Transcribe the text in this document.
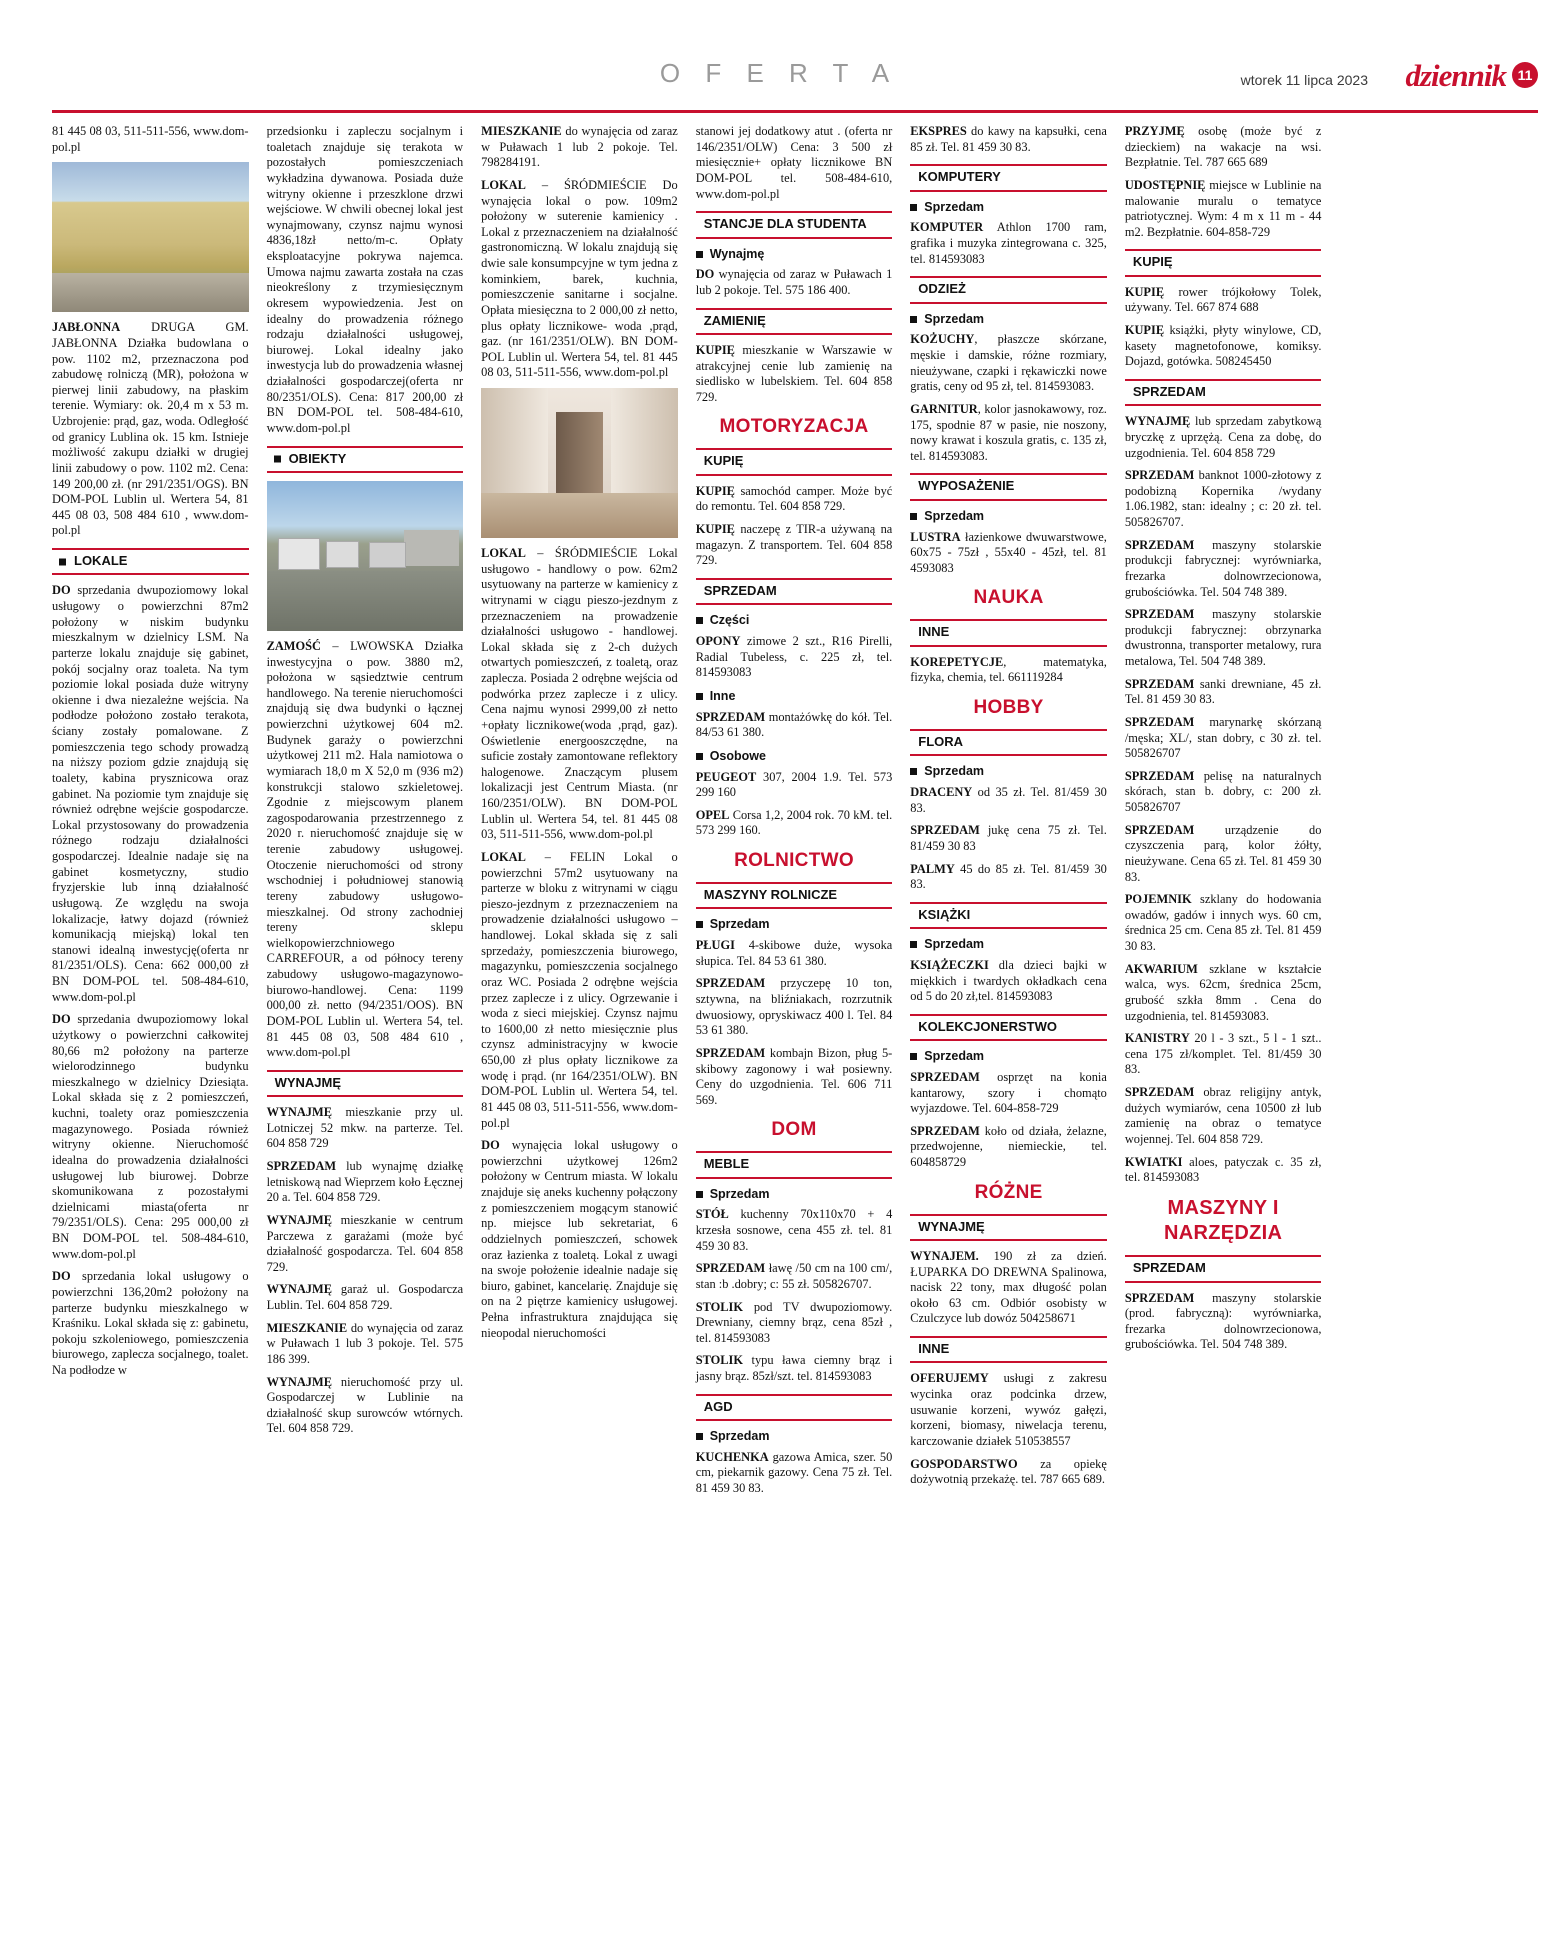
O F E R T A	wtorek 11 lipca 2023 dziennik 11

81 445 08 03, 511-511-556, www.dom-pol.pl

JABŁONNA DRUGA GM. JABŁONNA Działka budowlana o pow. 1102 m2, przeznaczona pod zabudowę rolniczą (MR), położona w pierwej linii zabudowy, na płaskim terenie. Wymiary: ok. 20,4 m x 53 m. Uzbrojenie: prąd, gaz, woda. Odległość od granicy Lublina ok. 15 km. Istnieje możliwość zakupu działki w drugiej linii zabudowy o pow. 1102 m2. Cena: 149 200,00 zł. (nr 291/2351/OGS). BN DOM-POL Lublin ul. Wertera 54, 81 445 08 03, 508 484 610 , www.dom-pol.pl

LOKALE

DO sprzedania dwupoziomowy lokal usługowy o powierzchni 87m2 położony w niskim budynku mieszkalnym w dzielnicy LSM. Na parterze lokalu znajduje się gabinet, pokój socjalny oraz toaleta. Na tym poziomie lokal posiada duże witryny okienne i dwa niezależne wejścia. Na podłodze położono zostało terakota, ściany zostały pomalowane. Z pomieszczenia tego schody prowadzą na niższy poziom gdzie znajdują się toalety, kabina prysznicowa oraz gabinet. Na poziomie tym znajduje się również odrębne wejście gospodarcze. Lokal przystosowany do prowadzenia różnego rodzaju działalności gospodarczej. Idealnie nadaje się na gabinet kosmetyczny, studio fryzjerskie lub inną działalność usługową. Ze względu na swoja lokalizacje, łatwy dojazd (również komunikacją miejską) lokal ten stanowi idealną inwestycję(oferta nr 81/2351/OLS). Cena: 662 000,00 zł BN DOM-POL tel. 508-484-610, www.dom-pol.pl

DO sprzedania dwupoziomowy lokal użytkowy o powierzchni całkowitej 80,66 m2 położony na parterze wielorodzinnego budynku mieszkalnego w dzielnicy Dziesiąta. Lokal składa się z 2 pomieszczeń, kuchni, toalety oraz pomieszczenia magazynowego. Posiada również witryny okienne. Nieruchomość idealna do prowadzenia działalności usługowej lub biurowej. Dobrze skomunikowana z pozostałymi dzielnicami miasta(oferta nr 79/2351/OLS). Cena: 295 000,00 zł BN DOM-POL tel. 508-484-610, www.dom-pol.pl

DO sprzedania lokal usługowy o powierzchni 136,20m2 położony na parterze budynku mieszkalnego w Kraśniku. Lokal składa się z: gabinetu, pokoju szkoleniowego, pomieszczenia biurowego, zaplecza socjalnego, toalet. Na podłodze w

przedsionku i zapleczu socjalnym i toaletach znajduje się terakota w pozostałych pomieszczeniach wykładzina dywanowa. Posiada duże witryny okienne i przeszklone drzwi wejściowe. W chwili obecnej lokal jest wynajmowany, czynsz najmu wynosi 4836,18zł netto/m-c. Opłaty eksploatacyjne pokrywa najemca. Umowa najmu zawarta została na czas nieokreślony z trzymiesięcznym okresem wypowiedzenia. Jest on idealny do prowadzenia różnego rodzaju działalności usługowej, biurowej. Lokal idealny jako inwestycja lub do prowadzenia własnej działalności gospodarczej(oferta nr 80/2351/OLS). Cena: 817 200,00 zł BN DOM-POL tel. 508-484-610, www.dom-pol.pl

OBIEKTY

ZAMOŚĆ – LWOWSKA Działka inwestycyjna o pow. 3880 m2, położona w sąsiedztwie centrum handlowego. Na terenie nieruchomości znajdują się dwa budynki o łącznej powierzchni użytkowej 604 m2. Budynek garaży o powierzchni użytkowej 211 m2. Hala namiotowa o wymiarach 18,0 m X 52,0 m (936 m2) konstrukcji stalowo szkieletowej. Zgodnie z miejscowym planem zagospodarowania przestrzennego z 2020 r. nieruchomość znajduje się w terenie zabudowy usługowej. Otoczenie nieruchomości od strony wschodniej i południowej stanowią tereny zabudowy usługowo-mieszkalnej. Od strony zachodniej tereny sklepu wielkopowierzchniowego CARREFOUR, a od północy tereny zabudowy usługowo-magazynowo-biurowo-handlowej. Cena: 1199 000,00 zł. netto (94/2351/OOS). BN DOM-POL Lublin ul. Wertera 54, tel. 81 445 08 03, 508 484 610 , www.dom-pol.pl

WYNAJMĘ

WYNAJMĘ mieszkanie przy ul. Lotniczej 52 mkw. na parterze. Tel. 604 858 729

SPRZEDAM lub wynajmę działkę letniskową nad Wieprzem koło Łęcznej 20 a. Tel. 604 858 729.

WYNAJMĘ mieszkanie w centrum Parczewa z garażami (może być działalność gospodarcza. Tel. 604 858 729.

WYNAJMĘ garaż ul. Gospodarcza Lublin. Tel. 604 858 729.

MIESZKANIE do wynajęcia od zaraz w Puławach 1 lub 3 pokoje. Tel. 575 186 399.

WYNAJMĘ nieruchomość przy ul. Gospodarczej w Lublinie na działalność skup surowców wtórnych. Tel. 604 858 729.

MIESZKANIE do wynajęcia od zaraz w Puławach 1 lub 2 pokoje. Tel. 798284191.

LOKAL – ŚRÓDMIEŚCIE Do wynajęcia lokal o pow. 109m2 położony w suterenie kamienicy . Lokal z przeznaczeniem na działalność gastronomiczną. W lokalu znajdują się dwie sale konsumpcyjne w tym jedna z kominkiem, barek, kuchnia, pomieszczenie sanitarne i socjalne. Opłata miesięczna to 2 000,00 zł netto, plus opłaty licznikowe- woda ,prąd, gaz. (nr 161/2351/OLW). BN DOM-POL Lublin ul. Wertera 54, tel. 81 445 08 03, 511-511-556, www.dom-pol.pl

LOKAL – ŚRÓDMIEŚCIE Lokal usługowo - handlowy o pow. 62m2 usytuowany na parterze w kamienicy z witrynami w ciągu pieszo-jezdnym z przeznaczeniem na prowadzenie działalności usługowo - handlowej. Lokal składa się z 2-ch dużych otwartych pomieszczeń, z toaletą, oraz zaplecza. Posiada 2 odrębne wejścia od podwórka przez zaplecze i z ulicy. Cena najmu wynosi 2999,00 zł netto +opłaty licznikowe(woda ,prąd, gaz). Oświetlenie energooszczędne, na suficie zostały zamontowane reflektory halogenowe. Znaczącym plusem lokalizacji jest Centrum Miasta. (nr 160/2351/OLW). BN DOM-POL Lublin ul. Wertera 54, tel. 81 445 08 03, 511-511-556, www.dom-pol.pl

LOKAL – FELIN Lokal o powierzchni 57m2 usytuowany na parterze w bloku z witrynami w ciągu pieszo-jezdnym z przeznaczeniem na prowadzenie działalności usługowo – handlowej. Lokal składa się z sali sprzedaży, pomieszczenia biurowego, magazynku, pomieszczenia socjalnego oraz WC. Posiada 2 odrębne wejścia przez zaplecze i z ulicy. Ogrzewanie i woda z sieci miejskiej. Czynsz najmu to 1600,00 zł netto miesięcznie plus czynsz administracyjny w kwocie 650,00 zł plus opłaty licznikowe za wodę i prąd. (nr 164/2351/OLW). BN DOM-POL Lublin ul. Wertera 54, tel. 81 445 08 03, 511-511-556, www.dom-pol.pl

DO wynajęcia lokal usługowy o powierzchni użytkowej 126m2 położony w Centrum miasta. W lokalu znajduje się aneks kuchenny połączony z pomieszczeniem mogącym stanowić np. miejsce lub sekretariat, 6 oddzielnych pomieszczeń, schowek oraz łazienka z toaletą. Lokal z uwagi na swoje położenie idealnie nadaje się biuro, gabinet, kancelarię. Znajduje się on na 2 piętrze kamienicy usługowej. Pełna infrastruktura znajdująca się nieopodal nieruchomości

stanowi jej dodatkowy atut . (oferta nr 146/2351/OLW) Cena: 3 500 zł miesięcznie+ opłaty licznikowe BN DOM-POL tel. 508-484-610, www.dom-pol.pl

STANCJE DLA STUDENTA
Wynajmę

DO wynajęcia od zaraz w Puławach 1 lub 2 pokoje. Tel. 575 186 400.

ZAMIENIĘ

KUPIĘ mieszkanie w Warszawie w atrakcyjnej cenie lub zamienię na siedlisko w lubelskiem. Tel. 604 858 729.

MOTORYZACJA
KUPIĘ

KUPIĘ samochód camper. Może być do remontu. Tel. 604 858 729.

KUPIĘ naczepę z TIR-a używaną na magazyn. Z transportem. Tel. 604 858 729.

SPRZEDAM
Części

OPONY zimowe 2 szt., R16 Pirelli, Radial Tubeless, c. 225 zł, tel. 814593083

Inne

SPRZEDAM montażówkę do kół. Tel. 84/53 61 380.

Osobowe

PEUGEOT 307, 2004 1.9. Tel. 573 299 160

OPEL Corsa 1,2, 2004 rok. 70 kM. tel. 573 299 160.

ROLNICTWO
MASZYNY ROLNICZE
Sprzedam

PŁUGI 4-skibowe duże, wysoka słupica. Tel. 84 53 61 380.

SPRZEDAM przyczepę 10 ton, sztywna, na bliźniakach, rozrzutnik dwuosiowy, opryskiwacz 400 l. Tel. 84 53 61 380.

SPRZEDAM kombajn Bizon, pług 5-skibowy zagonowy i wał posiewny. Ceny do uzgodnienia. Tel. 606 711 569.

DOM
MEBLE
Sprzedam

STÓŁ kuchenny 70x110x70 + 4 krzesła sosnowe, cena 455 zł. tel. 81 459 30 83.

SPRZEDAM ławę /50 cm na 100 cm/, stan :b .dobry; c: 55 zł. 505826707.

STOLIK pod TV dwupoziomowy. Drewniany, ciemny brąz, cena 85zł , tel. 814593083

STOLIK typu ława ciemny brąz i jasny brąz. 85zł/szt. tel. 814593083

AGD
Sprzedam

KUCHENKA gazowa Amica, szer. 50 cm, piekarnik gazowy. Cena 75 zł. Tel. 81 459 30 83.

EKSPRES do kawy na kapsułki, cena 85 zł. Tel. 81 459 30 83.

KOMPUTERY
Sprzedam

KOMPUTER Athlon 1700 ram, grafika i muzyka zintegrowana c. 325, tel. 814593083

ODZIEŻ
Sprzedam

KOŻUCHY, płaszcze skórzane, męskie i damskie, różne rozmiary, nieużywane, czapki i rękawiczki nowe gratis, ceny od 95 zł, tel. 814593083.

GARNITUR, kolor jasnokawowy, roz. 175, spodnie 87 w pasie, nie noszony, nowy krawat i koszula gratis, c. 135 zł, tel. 814593083.

WYPOSAŻENIE
Sprzedam

LUSTRA łazienkowe dwuwarstwowe, 60x75 - 75zł , 55x40 - 45zł, tel. 81 4593083

NAUKA
INNE

KOREPETYCJE, matematyka, fizyka, chemia, tel. 661119284

HOBBY
FLORA
Sprzedam

DRACENY od 35 zł. Tel. 81/459 30 83.

SPRZEDAM jukę cena 75 zł. Tel. 81/459 30 83

PALMY 45 do 85 zł. Tel. 81/459 30 83.

KSIĄŻKI
Sprzedam

KSIĄŻECZKI dla dzieci bajki w miękkich i twardych okładkach cena od 5 do 20 zł,tel. 814593083

KOLEKCJONERSTWO
Sprzedam

SPRZEDAM osprzęt na konia kantarowy, szory i chomąto wyjazdowe. Tel. 604-858-729

SPRZEDAM koło od działa, żelazne, przedwojenne, niemieckie, tel. 604858729

RÓŻNE
WYNAJMĘ

WYNAJEM. 190 zł za dzień. ŁUPARKA DO DREWNA Spalinowa, nacisk 22 tony, max długość polan około 63 cm. Odbiór osobisty w Czulczyce lub dowóz 504258671

INNE

OFERUJEMY usługi z zakresu wycinka oraz podcinka drzew, usuwanie korzeni, wywóz gałęzi, korzeni, biomasy, niwelacja terenu, karczowanie działek 510538557

GOSPODARSTWO za opiekę dożywotnią przekażę. tel. 787 665 689.

PRZYJMĘ osobę (może być z dzieckiem) na wakacje na wsi. Bezpłatnie. Tel. 787 665 689

UDOSTĘPNIĘ miejsce w Lublinie na malowanie muralu o tematyce patriotycznej. Wym: 4 m x 11 m - 44 m2. Bezpłatnie. 604-858-729

KUPIĘ

KUPIĘ rower trójkołowy Tolek, używany. Tel. 667 874 688

KUPIĘ książki, płyty winylowe, CD, kasety magnetofonowe, komiksy. Dojazd, gotówka. 508245450

SPRZEDAM

WYNAJMĘ lub sprzedam zabytkową bryczkę z uprzężą. Cena za dobę, do uzgodnienia. Tel. 604 858 729

SPRZEDAM banknot 1000-złotowy z podobizną Kopernika /wydany 1.06.1982, stan: idealny ; c: 20 zł. tel. 505826707.

SPRZEDAM maszyny stolarskie produkcji fabrycznej: wyrówniarka, frezarka dolnowrzecionowa, grubościówka. Tel. 504 748 389.

SPRZEDAM maszyny stolarskie produkcji fabrycznej: obrzynarka dwustronna, transporter metalowy, rura metalowa, Tel. 504 748 389.

SPRZEDAM sanki drewniane, 45 zł. Tel. 81 459 30 83.

SPRZEDAM marynarkę skórzaną /męska; XL/, stan dobry, c 30 zł. tel. 505826707

SPRZEDAM pelisę na naturalnych skórach, stan b. dobry, c: 200 zł. 505826707

SPRZEDAM urządzenie do czyszczenia parą, kolor żółty, nieużywane. Cena 65 zł. Tel. 81 459 30 83.

POJEMNIK szklany do hodowania owadów, gadów i innych wys. 60 cm, średnica 25 cm. Cena 85 zł. Tel. 81 459 30 83.

AKWARIUM szklane w kształcie walca, wys. 62cm, średnica 25cm, grubość szkła 8mm . Cena do uzgodnienia, tel. 814593083.

KANISTRY 20 l - 3 szt., 5 l - 1 szt.. cena 175 zł/komplet. Tel. 81/459 30 83.

SPRZEDAM obraz religijny antyk, dużych wymiarów, cena 10500 zł lub zamienię na obraz o tematyce wojennej. Tel. 604 858 729.

KWIATKI aloes, patyczak c. 35 zł, tel. 814593083

MASZYNY I NARZĘDZIA
SPRZEDAM

SPRZEDAM maszyny stolarskie (prod. fabryczną): wyrówniarka, frezarka dolnowrzecionowa, grubościówka. Tel. 504 748 389.
